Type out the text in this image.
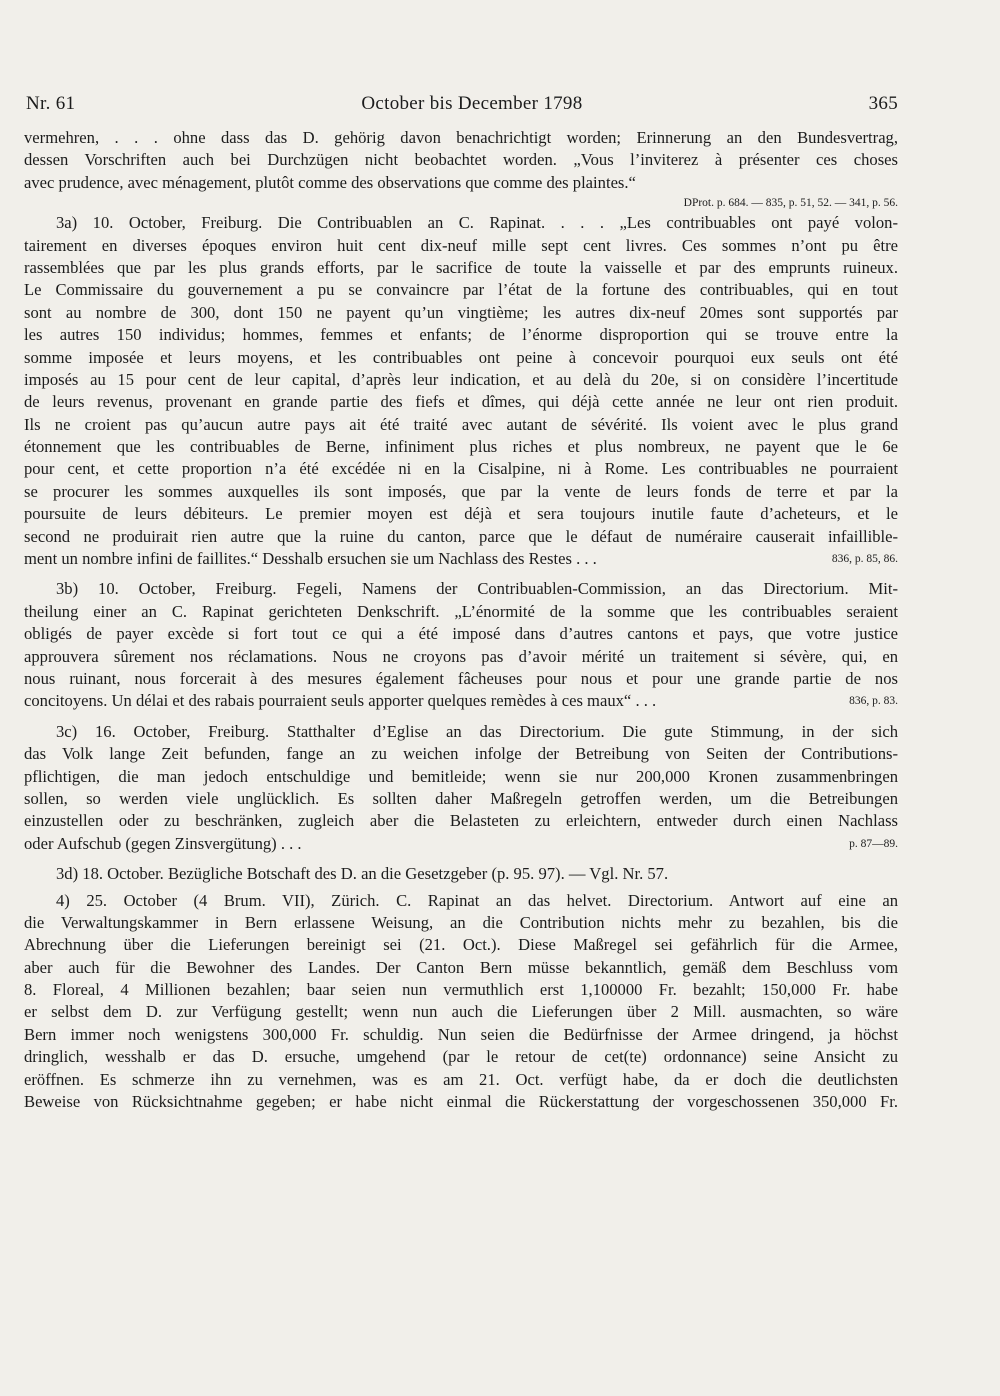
Nr. 61	October bis December 1798	365
vermehren, . . . ohne dass das D. gehörig davon benachrichtigt worden; Erinnerung an den Bundesvertrag,
dessen Vorschriften auch bei Durchzügen nicht beobachtet worden. „Vous l’inviterez à présenter ces choses
avec prudence, avec ménagement, plutôt comme des observations que comme des plaintes.“
DProt. p. 684. — 835, p. 51, 52. — 341, p. 56.
3a) 10. October, Freiburg. Die Contribuablen an C. Rapinat. . . . „Les contribuables ont payé volon-
tairement en diverses époques environ huit cent dix-neuf mille sept cent livres. Ces sommes n’ont pu être
rassemblées que par les plus grands efforts, par le sacrifice de toute la vaisselle et par des emprunts ruineux.
Le Commissaire du gouvernement a pu se convaincre par l’état de la fortune des contribuables, qui en tout
sont au nombre de 300, dont 150 ne payent qu’un vingtième; les autres dix-neuf 20mes sont supportés par
les autres 150 individus; hommes, femmes et enfants; de l’énorme disproportion qui se trouve entre la
somme imposée et leurs moyens, et les contribuables ont peine à concevoir pourquoi eux seuls ont été
imposés au 15 pour cent de leur capital, d’après leur indication, et au delà du 20e, si on considère l’incertitude
de leurs revenus, provenant en grande partie des fiefs et dîmes, qui déjà cette année ne leur ont rien produit.
Ils ne croient pas qu’aucun autre pays ait été traité avec autant de sévérité. Ils voient avec le plus grand
étonnement que les contribuables de Berne, infiniment plus riches et plus nombreux, ne payent que le 6e
pour cent, et cette proportion n’a été excédée ni en la Cisalpine, ni à Rome. Les contribuables ne pourraient
se procurer les sommes auxquelles ils sont imposés, que par la vente de leurs fonds de terre et par la
poursuite de leurs débiteurs. Le premier moyen est déjà et sera toujours inutile faute d’acheteurs, et le
second ne produirait rien autre que la ruine du canton, parce que le défaut de numéraire causerait infaillible-
ment un nombre infini de faillites.“ Desshalb ersuchen sie um Nachlass des Restes . . .	836, p. 85, 86.
3b) 10. October, Freiburg. Fegeli, Namens der Contribuablen-Commission, an das Directorium. Mit-
theilung einer an C. Rapinat gerichteten Denkschrift. „L’énormité de la somme que les contribuables seraient
obligés de payer excède si fort tout ce qui a été imposé dans d’autres cantons et pays, que votre justice
approuvera sûrement nos réclamations. Nous ne croyons pas d’avoir mérité un traitement si sévère, qui, en
nous ruinant, nous forcerait à des mesures également fâcheuses pour nous et pour une grande partie de nos
concitoyens. Un délai et des rabais pourraient seuls apporter quelques remèdes à ces maux“ . . .	836, p. 83.
3c) 16. October, Freiburg. Statthalter d’Eglise an das Directorium. Die gute Stimmung, in der sich
das Volk lange Zeit befunden, fange an zu weichen infolge der Betreibung von Seiten der Contributions-
pflichtigen, die man jedoch entschuldige und bemitleide; wenn sie nur 200,000 Kronen zusammenbringen
sollen, so werden viele unglücklich. Es sollten daher Maßregeln getroffen werden, um die Betreibungen
einzustellen oder zu beschränken, zugleich aber die Belasteten zu erleichtern, entweder durch einen Nachlass
oder Aufschub (gegen Zinsvergütung) . . .	p. 87—89.
3d) 18. October. Bezügliche Botschaft des D. an die Gesetzgeber (p. 95. 97). — Vgl. Nr. 57.
4) 25. October (4 Brum. VII), Zürich. C. Rapinat an das helvet. Directorium. Antwort auf eine an
die Verwaltungskammer in Bern erlassene Weisung, an die Contribution nichts mehr zu bezahlen, bis die
Abrechnung über die Lieferungen bereinigt sei (21. Oct.). Diese Maßregel sei gefährlich für die Armee,
aber auch für die Bewohner des Landes. Der Canton Bern müsse bekanntlich, gemäß dem Beschluss vom
8. Floreal, 4 Millionen bezahlen; baar seien nun vermuthlich erst 1,100000 Fr. bezahlt; 150,000 Fr. habe
er selbst dem D. zur Verfügung gestellt; wenn nun auch die Lieferungen über 2 Mill. ausmachten, so wäre
Bern immer noch wenigstens 300,000 Fr. schuldig. Nun seien die Bedürfnisse der Armee dringend, ja höchst
dringlich, wesshalb er das D. ersuche, umgehend (par le retour de cet(te) ordonnance) seine Ansicht zu
eröffnen. Es schmerze ihn zu vernehmen, was es am 21. Oct. verfügt habe, da er doch die deutlichsten
Beweise von Rücksichtnahme gegeben; er habe nicht einmal die Rückerstattung der vorgeschossenen 350,000 Fr.
